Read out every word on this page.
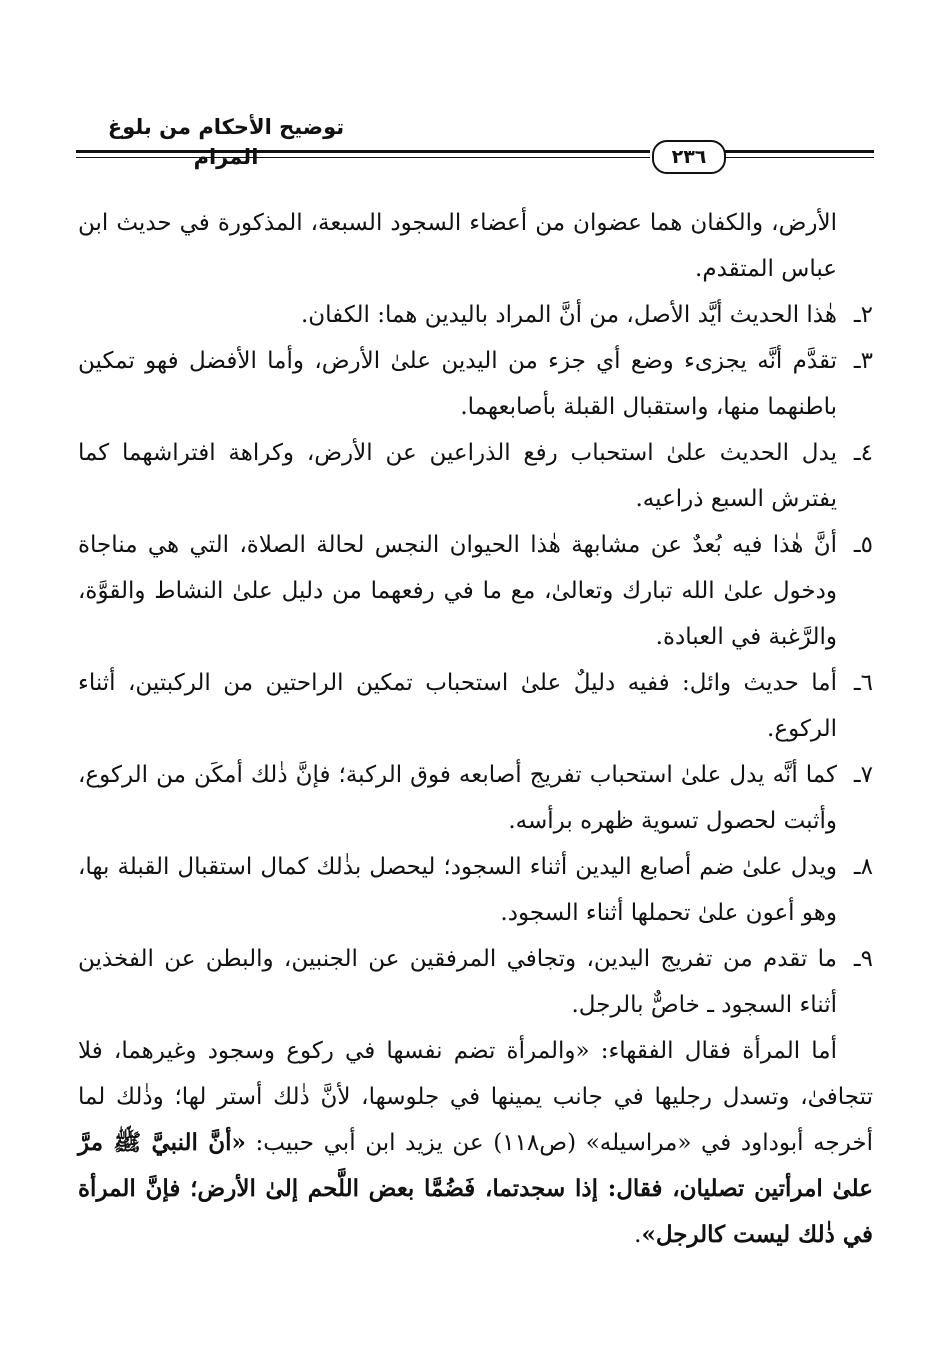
توضيح الأحكام من بلوغ المرام	٢٣٦

الأرض، والكفان هما عضوان من أعضاء السجود السبعة، المذكورة في حديث ابن عباس المتقدم.

٢ـ
هٰذا الحديث أيَّد الأصل، من أنَّ المراد باليدين هما: الكفان.
٣ـ
تقدَّم أنَّه يجزىء وضع أي جزء من اليدين علىٰ الأرض، وأما الأفضل فهو تمكين باطنهما منها، واستقبال القبلة بأصابعهما.
٤ـ
يدل الحديث علىٰ استحباب رفع الذراعين عن الأرض، وكراهة افتراشهما كما يفترش السبع ذراعيه.
٥ـ
أنَّ هٰذا فيه بُعدٌ عن مشابهة هٰذا الحيوان النجس لحالة الصلاة، التي هي مناجاة ودخول علىٰ الله تبارك وتعالىٰ، مع ما في رفعهما من دليل علىٰ النشاط والقوَّة، والرَّغبة في العبادة.
٦ـ
أما حديث وائل: ففيه دليلٌ علىٰ استحباب تمكين الراحتين من الركبتين، أثناء الركوع.
٧ـ
كما أنَّه يدل علىٰ استحباب تفريج أصابعه فوق الركبة؛ فإنَّ ذٰلك أمكَن من الركوع، وأثبت لحصول تسوية ظهره برأسه.
٨ـ
ويدل علىٰ ضم أصابع اليدين أثناء السجود؛ ليحصل بذٰلك كمال استقبال القبلة بها، وهو أعون علىٰ تحملها أثناء السجود.
٩ـ
ما تقدم من تفريج اليدين، وتجافي المرفقين عن الجنبين، والبطن عن الفخذين أثناء السجود ـ خاصٌّ بالرجل.

أما المرأة فقال الفقهاء: «والمرأة تضم نفسها في ركوع وسجود وغيرهما، فلا تتجافىٰ، وتسدل رجليها في جانب يمينها في جلوسها، لأنَّ ذٰلك أستر لها؛ وذٰلك لما أخرجه أبوداود في «مراسيله» (ص١١٨) عن يزيد ابن أبي حبيب: «أنَّ النبيَّ ﷺ مرَّ علىٰ امرأتين تصليان، فقال: إذا سجدتما، فَضُمَّا بعض اللَّحم إلىٰ الأرض؛ فإنَّ المرأة في ذٰلك ليست كالرجل».
